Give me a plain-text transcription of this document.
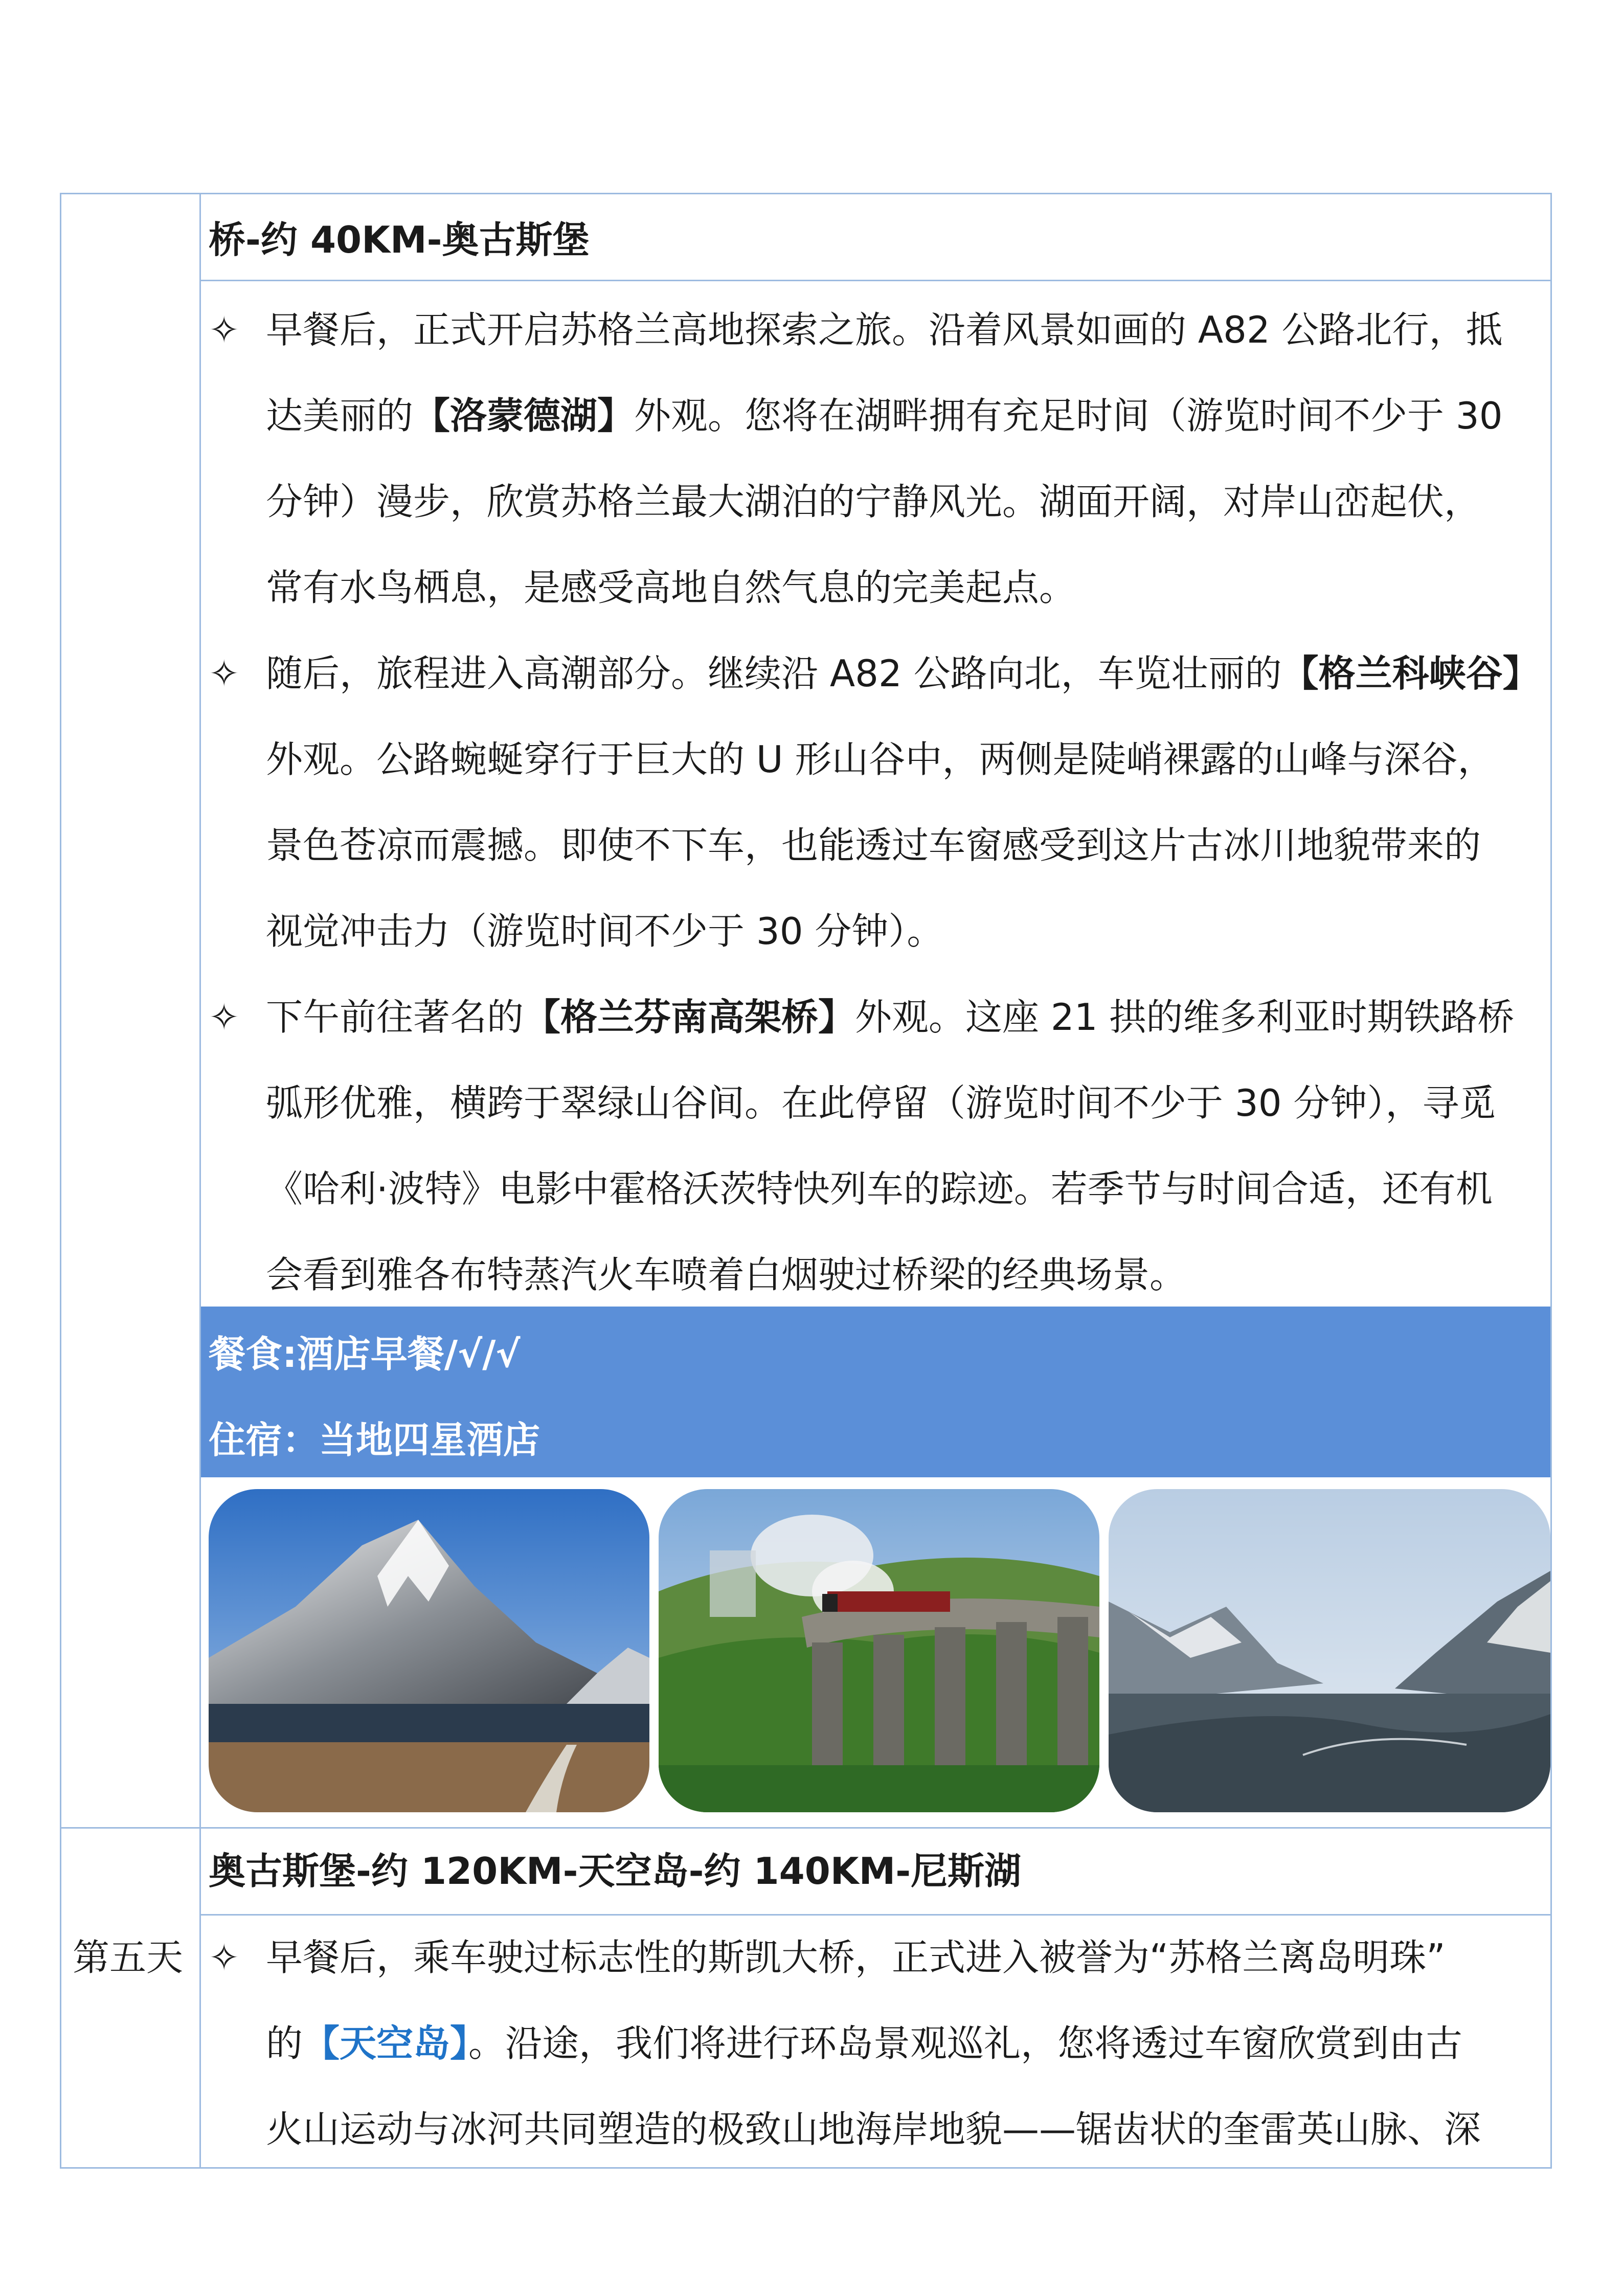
桥-约 40KM-奥古斯堡
✧ 早餐后，正式开启苏格兰高地探索之旅。沿着风景如画的 A82 公路北行，抵
达美丽的【洛蒙德湖】外观。您将在湖畔拥有充足时间（游览时间不少于 30
分钟）漫步，欣赏苏格兰最大湖泊的宁静风光。湖面开阔，对岸山峦起伏，
常有水鸟栖息，是感受高地自然气息的完美起点。
✧ 随后，旅程进入高潮部分。继续沿 A82 公路向北，车览壮丽的【格兰科峡谷】
外观。公路蜿蜒穿行于巨大的 U 形山谷中，两侧是陡峭裸露的山峰与深谷，
景色苍凉而震撼。即使不下车，也能透过车窗感受到这片古冰川地貌带来的
视觉冲击力（游览时间不少于 30 分钟）。
✧ 下午前往著名的【格兰芬南高架桥】外观。这座 21 拱的维多利亚时期铁路桥
弧形优雅，横跨于翠绿山谷间。在此停留（游览时间不少于 30 分钟），寻觅
《哈利·波特》电影中霍格沃茨特快列车的踪迹。若季节与时间合适，还有机
会看到雅各布特蒸汽火车喷着白烟驶过桥梁的经典场景。
餐食:酒店早餐/√/√
住宿：当地四星酒店
第五天
奥古斯堡-约 120KM-天空岛-约 140KM-尼斯湖
✧ 早餐后，乘车驶过标志性的斯凯大桥，正式进入被誉为“苏格兰离岛明珠”
的【天空岛】。沿途，我们将进行环岛景观巡礼，您将透过车窗欣赏到由古
火山运动与冰河共同塑造的极致山地海岸地貌——锯齿状的奎雷英山脉、深
